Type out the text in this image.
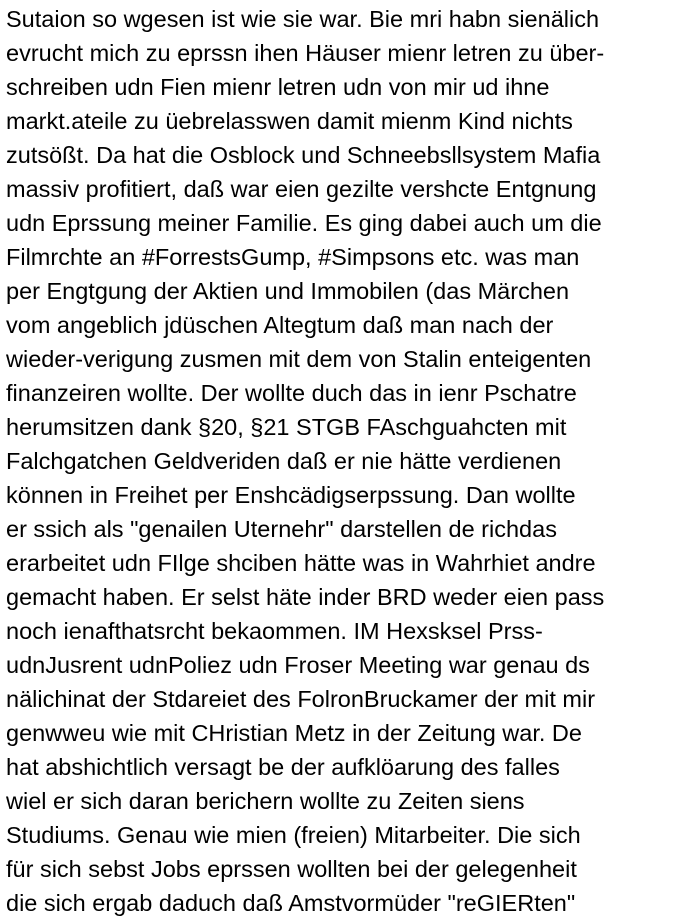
Sutaion so wgesen ist wie sie war. Bie mri habn sienälich
evrucht mich zu eprssn ihen Häuser mienr letren zu über-
schreiben udn Fien mienr letren udn von mir ud ihne
markt.ateile zu üebrelasswen damit mienm Kind nichts
zutsößt. Da hat die Osblock und Schneebsllsystem Mafia
massiv profitiert, daß war eien gezilte vershcte Entgnung
udn Eprssung meiner Familie. Es ging dabei auch um die
Filmrchte an #ForrestsGump, #Simpsons etc. was man
per Engtgung der Aktien und Immobilen (das Märchen
vom angeblich jdüschen Altegtum daß man nach der
wieder-verigung zusmen mit dem von Stalin enteigenten
finanzeiren wollte. Der wollte duch das in ienr Pschatre
herumsitzen dank §20, §21 STGB FAschguahcten mit
Falchgatchen Geldveriden daß er nie hätte verdienen
können in Freihet per Enshcädigserpssung. Dan wollte
er ssich als "genailen Uternehr" darstellen de richdas
erarbeitet udn FIlge shciben hätte was in Wahrhiet andre
gemacht haben. Er selst häte inder BRD weder eien pass
noch ienafthatsrcht bekaommen. IM Hexsksel Prss-
udnJusrent udnPoliez udn Froser Meeting war genau ds
nälichinat der Stdareiet des FolronBruckamer der mit mir
genwweu wie mit CHristian Metz in der Zeitung war. De
hat abshichtlich versagt be der aufklöarung des falles
wiel er sich daran berichern wollte zu Zeiten siens
Studiums. Genau wie mien (freien) Mitarbeiter. Die sich
für sich sebst Jobs eprssen wollten bei der gelegenheit
die sich ergab daduch daß Amstvormüder "reGIERten"
